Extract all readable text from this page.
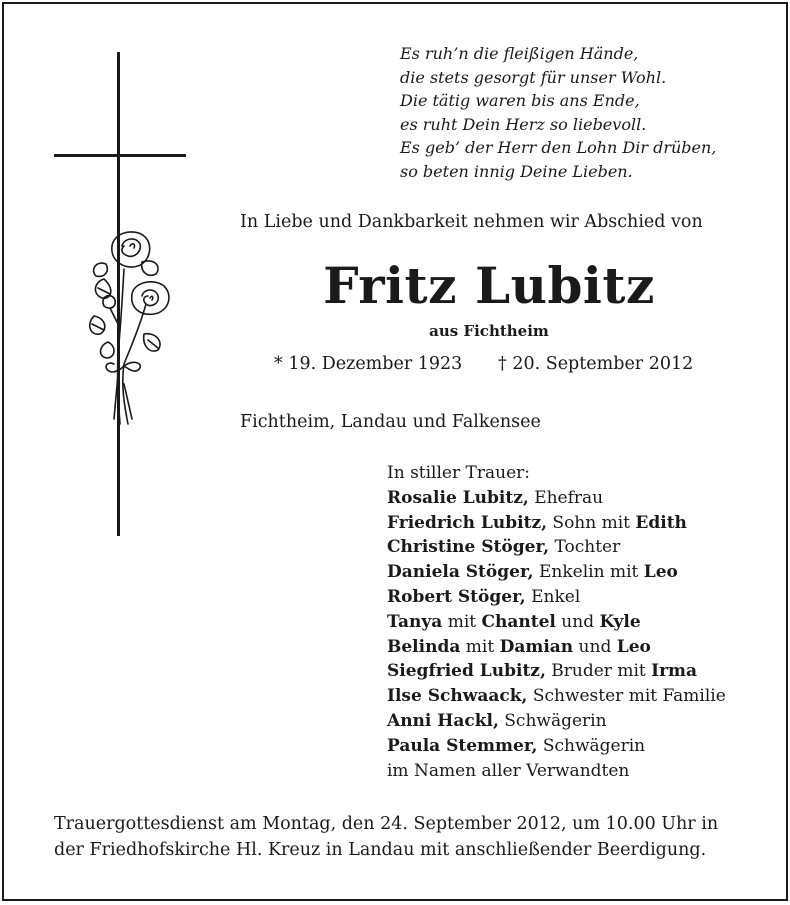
Es ruh’n die fleißigen Hände,
die stets gesorgt für unser Wohl.
Die tätig waren bis ans Ende,
es ruht Dein Herz so liebevoll.
Es geb’ der Herr den Lohn Dir drüben,
so beten innig Deine Lieben.
In Liebe und Dankbarkeit nehmen wir Abschied von
Fritz Lubitz
aus Fichtheim
* 19. Dezember 1923 † 20. September 2012
Fichtheim, Landau und Falkensee
In stiller Trauer:
Rosalie Lubitz, Ehefrau
Friedrich Lubitz, Sohn mit Edith
Christine Stöger, Tochter
Daniela Stöger, Enkelin mit Leo
Robert Stöger, Enkel
Tanya mit Chantel und Kyle
Belinda mit Damian und Leo
Siegfried Lubitz, Bruder mit Irma
Ilse Schwaack, Schwester mit Familie
Anni Hackl, Schwägerin
Paula Stemmer, Schwägerin
im Namen aller Verwandten
Trauergottesdienst am Montag, den 24. September 2012, um 10.00 Uhr in
der Friedhofskirche Hl. Kreuz in Landau mit anschließender Beerdigung.
